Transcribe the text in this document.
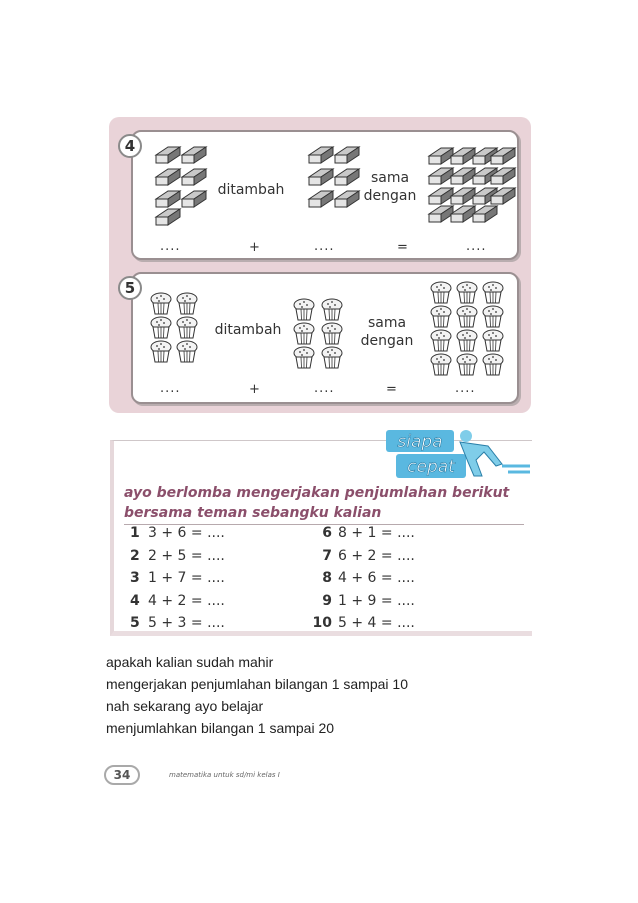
4
ditambah
sama
dengan
....	+	....	=	....
5
ditambah	sama
dengan
....	+	....	=	....
siapa
cepat
ayo berlomba mengerjakan penjumlahan berikut
bersama teman sebangku kalian
1 3 + 6 = ....
2 2 + 5 = ....
3 1 + 7 = ....
4 4 + 2 = ....
5 5 + 3 = ....
6 8 + 1 = ....
7 6 + 2 = ....
8 4 + 6 = ....
9 1 + 9 = ....
10 5 + 4 = ....
apakah kalian sudah mahir
mengerjakan penjumlahan bilangan 1 sampai 10
nah sekarang ayo belajar
menjumlahkan bilangan 1 sampai 20
34	matematika untuk sd/mi kelas I
